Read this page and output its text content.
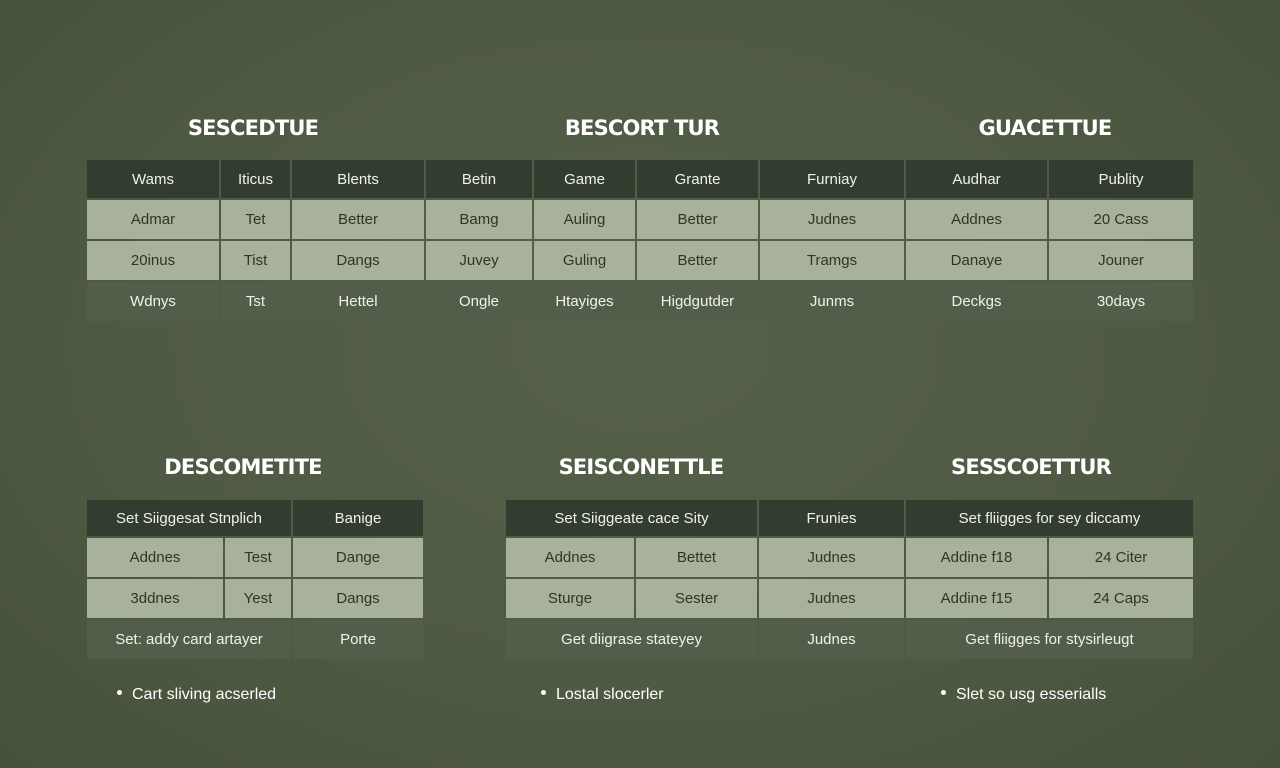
SESCEDTUE	BESCORT TUR	GUACETTUE
DESCOMETITE	SEISCONETTLE	SESSCOETTUR
Wams	Iticus	Blents	Betin	Game	Grante	Furniay	Audhar	Publity
Admar	Tet	Better	Bamg	Auling	Better	Judnes	Addnes	20 Cass
20inus	Tist	Dangs	Juvey	Guling	Better	Tramgs	Danaye	Jouner
Wdnys	Tst	Hettel	Ongle	Htayiges	Higdgutder	Junms	Deckgs	30days
Set Siiggesat Stnplich	Banige
Addnes	Test	Dange
3ddnes	Yest	Dangs
Set: addy card artayer	Porte
Set Siiggeate cace Sity	Frunies
Addnes	Bettet	Judnes
Sturge	Sester	Judnes
Get diigrase stateyey	Judnes
Set fliigges for sey diccamy
Addine f18	24 Citer
Addine f15	24 Caps
Get fliigges for stysirleugt
Cart sliving acserled	Lostal slocerler	Slet so usg esserialls
